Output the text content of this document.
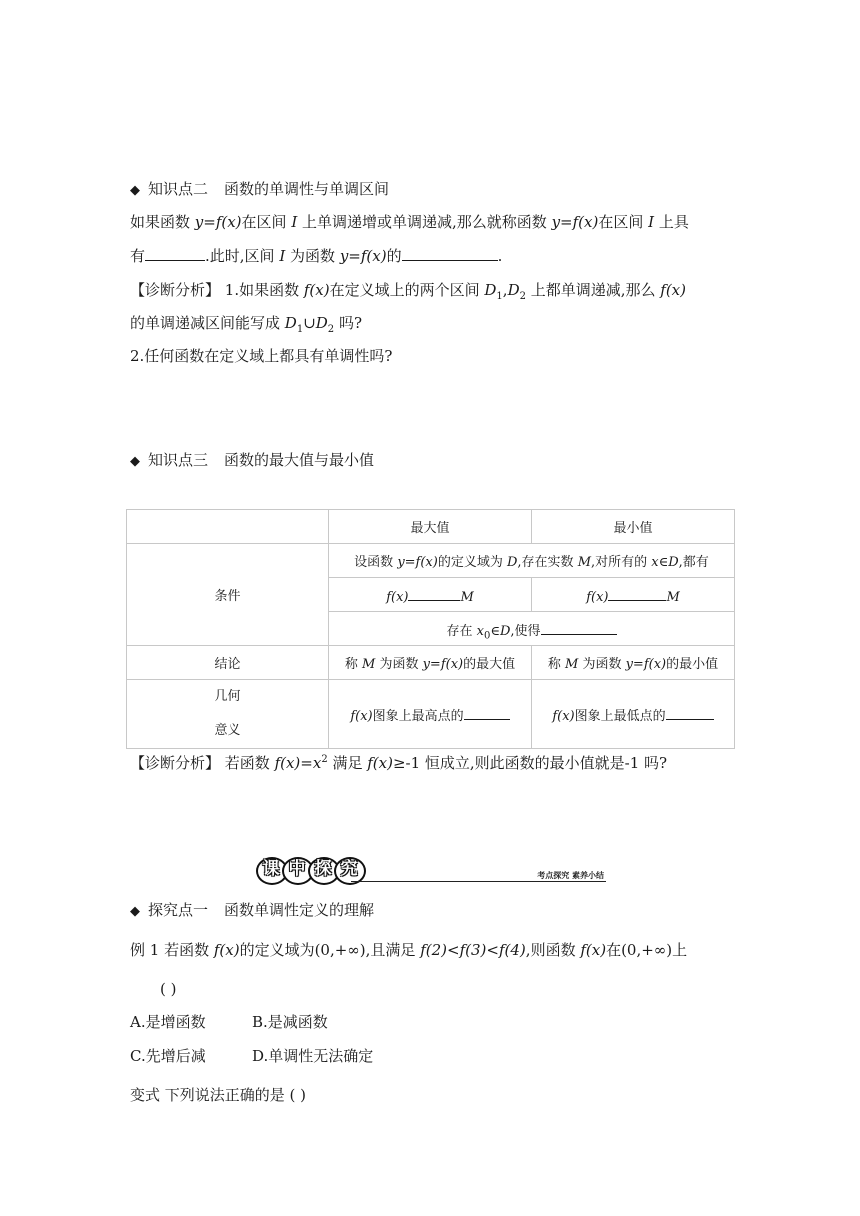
◆ 知识点二 函数的单调性与单调区间
如果函数 y=f(x)在区间 I 上单调递增或单调递减,那么就称函数 y=f(x)在区间 I 上具
有	.此时,区间 I 为函数 y=f(x)的	.
【诊断分析】 1.如果函数 f(x)在定义域上的两个区间 $D_1,D_2$ 上都单调递减,那么 f(x)
的单调递减区间能写成 $D_1\cup D_2$ 吗?
2.任何函数在定义域上都具有单调性吗?
◆ 知识点三 函数的最大值与最小值
	最大值	最小值
条件	设函数 y=f(x)的定义域为 D,存在实数 M,对所有的 x∈D,都有	
	f(x) M	f(x) M
	存在 $x_0\in D$,使得	
结论	称 M 为函数 y=f(x)的最大值	称 M 为函数 y=f(x)的最小值
几何
意义	f(x)图象上最高点的	f(x)图象上最低点的
【诊断分析】 若函数 $f(x)=x^2$ 满足 f(x)≥-1 恒成立,则此函数的最小值就是-1 吗?
课 中 探 究	考点探究 素养小结
◆ 探究点一 函数单调性定义的理解
例 1 若函数 f(x)的定义域为(0,+∞),且满足 f(2)<f(3)<f(4),则函数 f(x)在(0,+∞)上
( )
A.是增函数	B.是减函数
C.先增后减	D.单调性无法确定
变式 下列说法正确的是 ( )
